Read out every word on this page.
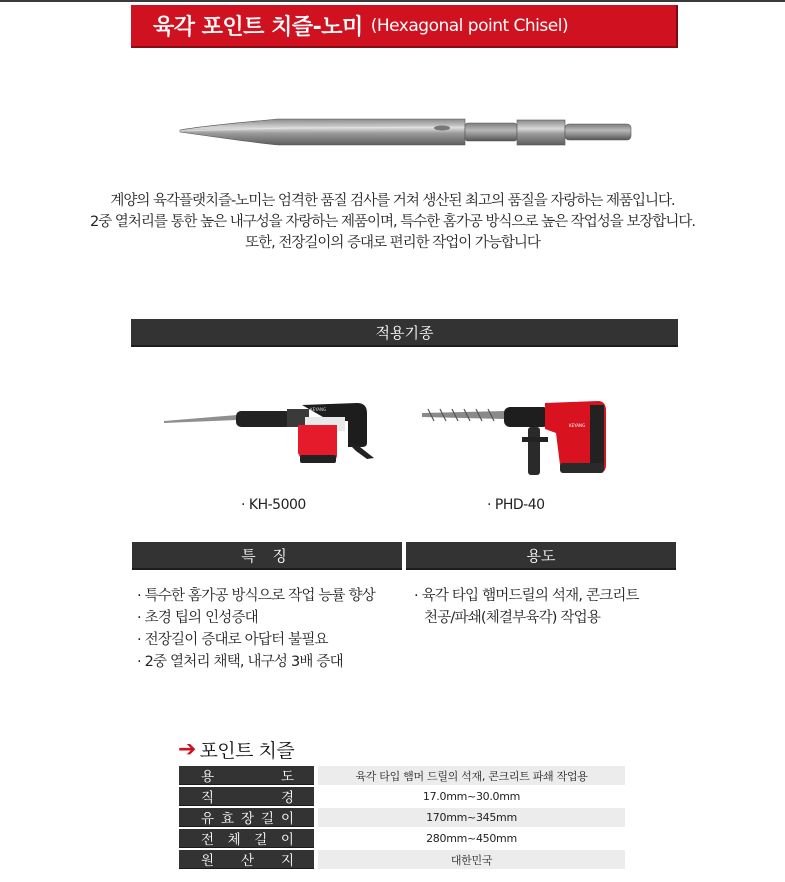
육각 포인트 치즐-노미 (Hexagonal point Chisel)
계양의 육각플랫치즐-노미는 엄격한 품질 검사를 거쳐 생산된 최고의 품질을 자랑하는 제품입니다.
2중 열처리를 통한 높은 내구성을 자랑하는 제품이며, 특수한 홈가공 방식으로 높은 작업성을 보장합니다.
또한, 전장길이의 증대로 편리한 작업이 가능합니다
적용기종
KEYANG
KEYANG
· KH-5000	· PHD-40
특 징	용도
· 특수한 홈가공 방식으로 작업 능률 향상
· 초경 팁의 인성증대
· 전장길이 증대로 아답터 불필요
· 2중 열처리 채택, 내구성 3배 증대
· 육각 타입 햄머드릴의 석재, 콘크리트
천공/파쇄(체결부육각) 작업용
➔ 포인트 치즐
용	도	육각 타입 햄머 드릴의 석재, 콘크리트 파쇄 작업용
직	경	17.0mm~30.0mm
유 효 장 길 이	170mm~345mm
전 체 길 이	280mm~450mm
원 산 지	대한민국
